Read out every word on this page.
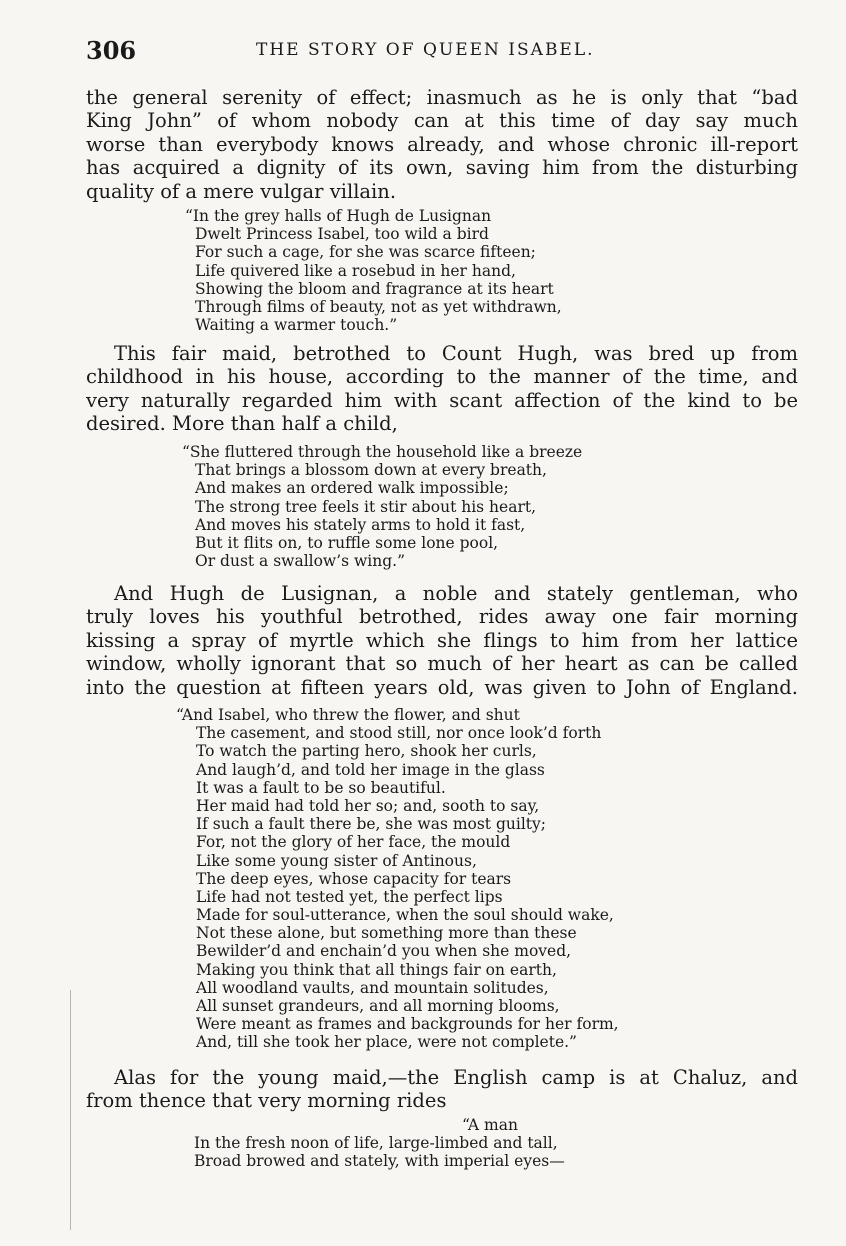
306	THE STORY OF QUEEN ISABEL.
the general serenity of effect; inasmuch as he is only that “bad
King John” of whom nobody can at this time of day say much
worse than everybody knows already, and whose chronic ill-report
has acquired a dignity of its own, saving him from the disturbing
quality of a mere vulgar villain.
“In the grey halls of Hugh de Lusignan
Dwelt Princess Isabel, too wild a bird
For such a cage, for she was scarce fifteen;
Life quivered like a rosebud in her hand,
Showing the bloom and fragrance at its heart
Through films of beauty, not as yet withdrawn,
Waiting a warmer touch.”
This fair maid, betrothed to Count Hugh, was bred up from
childhood in his house, according to the manner of the time, and
very naturally regarded him with scant affection of the kind to be
desired. More than half a child,
“She fluttered through the household like a breeze
That brings a blossom down at every breath,
And makes an ordered walk impossible;
The strong tree feels it stir about his heart,
And moves his stately arms to hold it fast,
But it flits on, to ruffle some lone pool,
Or dust a swallow’s wing.”
And Hugh de Lusignan, a noble and stately gentleman, who
truly loves his youthful betrothed, rides away one fair morning
kissing a spray of myrtle which she flings to him from her lattice
window, wholly ignorant that so much of her heart as can be called
into the question at fifteen years old, was given to John of England.
“And Isabel, who threw the flower, and shut
The casement, and stood still, nor once look’d forth
To watch the parting hero, shook her curls,
And laugh’d, and told her image in the glass
It was a fault to be so beautiful.
Her maid had told her so; and, sooth to say,
If such a fault there be, she was most guilty;
For, not the glory of her face, the mould
Like some young sister of Antinous,
The deep eyes, whose capacity for tears
Life had not tested yet, the perfect lips
Made for soul-utterance, when the soul should wake,
Not these alone, but something more than these
Bewilder’d and enchain’d you when she moved,
Making you think that all things fair on earth,
All woodland vaults, and mountain solitudes,
All sunset grandeurs, and all morning blooms,
Were meant as frames and backgrounds for her form,
And, till she took her place, were not complete.”
Alas for the young maid,—the English camp is at Chaluz, and
from thence that very morning rides
“A man
In the fresh noon of life, large-limbed and tall,
Broad browed and stately, with imperial eyes—
